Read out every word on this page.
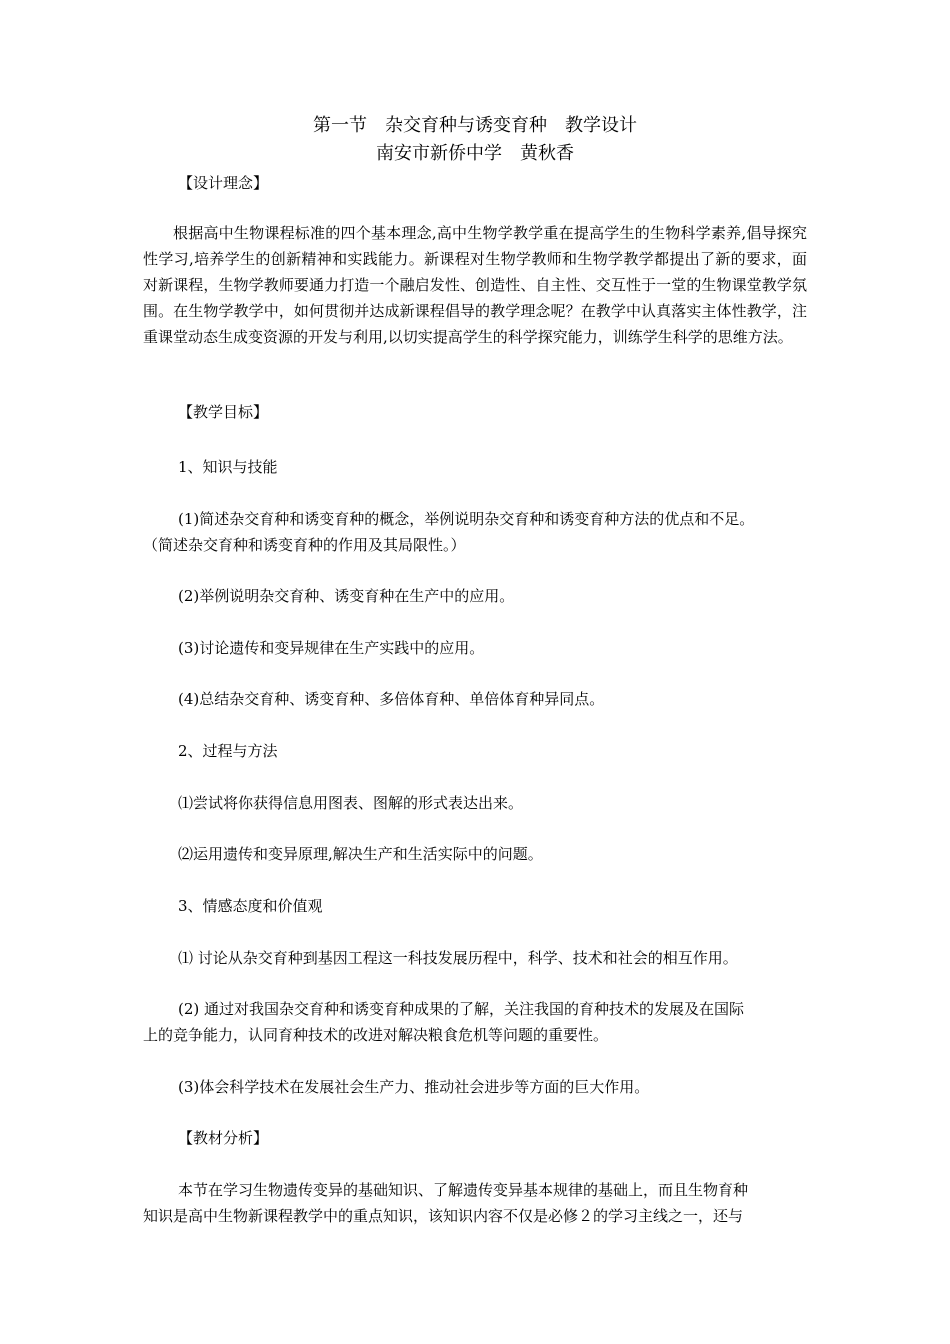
第一节　杂交育种与诱变育种　教学设计
南安市新侨中学　黄秋香
【设计理念】
根据高中生物课程标准的四个基本理念,高中生物学教学重在提高学生的生物科学素养,倡导探究性学习,培养学生的创新精神和实践能力。新课程对生物学教师和生物学教学都提出了新的要求，面对新课程，生物学教师要通力打造一个融启发性、创造性、自主性、交互性于一堂的生物课堂教学氛围。在生物学教学中，如何贯彻并达成新课程倡导的教学理念呢？在教学中认真落实主体性教学，注重课堂动态生成变资源的开发与利用,以切实提高学生的科学探究能力，训练学生科学的思维方法。
【教学目标】
1、知识与技能
(1)简述杂交育种和诱变育种的概念，举例说明杂交育种和诱变育种方法的优点和不足。
（简述杂交育种和诱变育种的作用及其局限性。）
(2)举例说明杂交育种、诱变育种在生产中的应用。
(3)讨论遗传和变异规律在生产实践中的应用。
(4)总结杂交育种、诱变育种、多倍体育种、单倍体育种异同点。
2、过程与方法
⑴尝试将你获得信息用图表、图解的形式表达出来。
⑵运用遗传和变异原理,解决生产和生活实际中的问题。
3、情感态度和价值观
⑴ 讨论从杂交育种到基因工程这一科技发展历程中，科学、技术和社会的相互作用。
(2) 通过对我国杂交育种和诱变育种成果的了解，关注我国的育种技术的发展及在国际
上的竞争能力，认同育种技术的改进对解决粮食危机等问题的重要性。
(3)体会科学技术在发展社会生产力、推动社会进步等方面的巨大作用。
【教材分析】
本节在学习生物遗传变异的基础知识、了解遗传变异基本规律的基础上，而且生物育种
知识是高中生物新课程教学中的重点知识，该知识内容不仅是必修２的学习主线之一，还与
